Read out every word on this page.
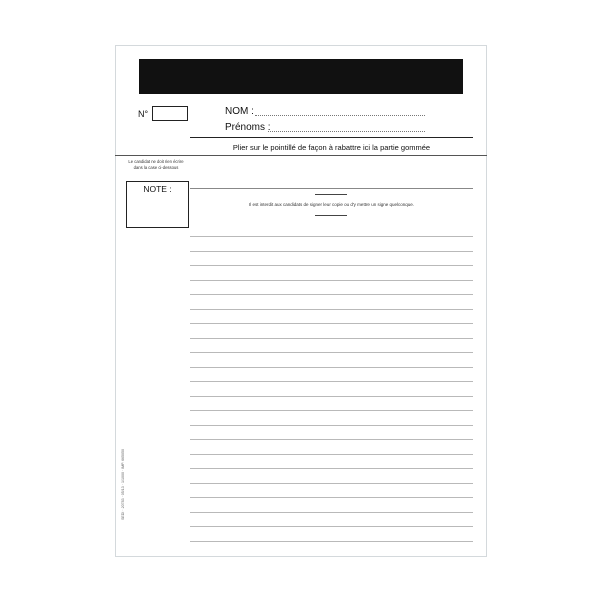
N°	NOM :
Prénoms :
Plier sur le pointillé de façon à rabattre ici la partie gommée
Le candidat ne doit rien écrire dans la case ci-dessous
NOTE :
Il est interdit aux candidats de signer leur copie ou d'y mettre un signe quelconque.
SEDI · 20783 · 05/13 · 1/1000 · IMP. 665050
